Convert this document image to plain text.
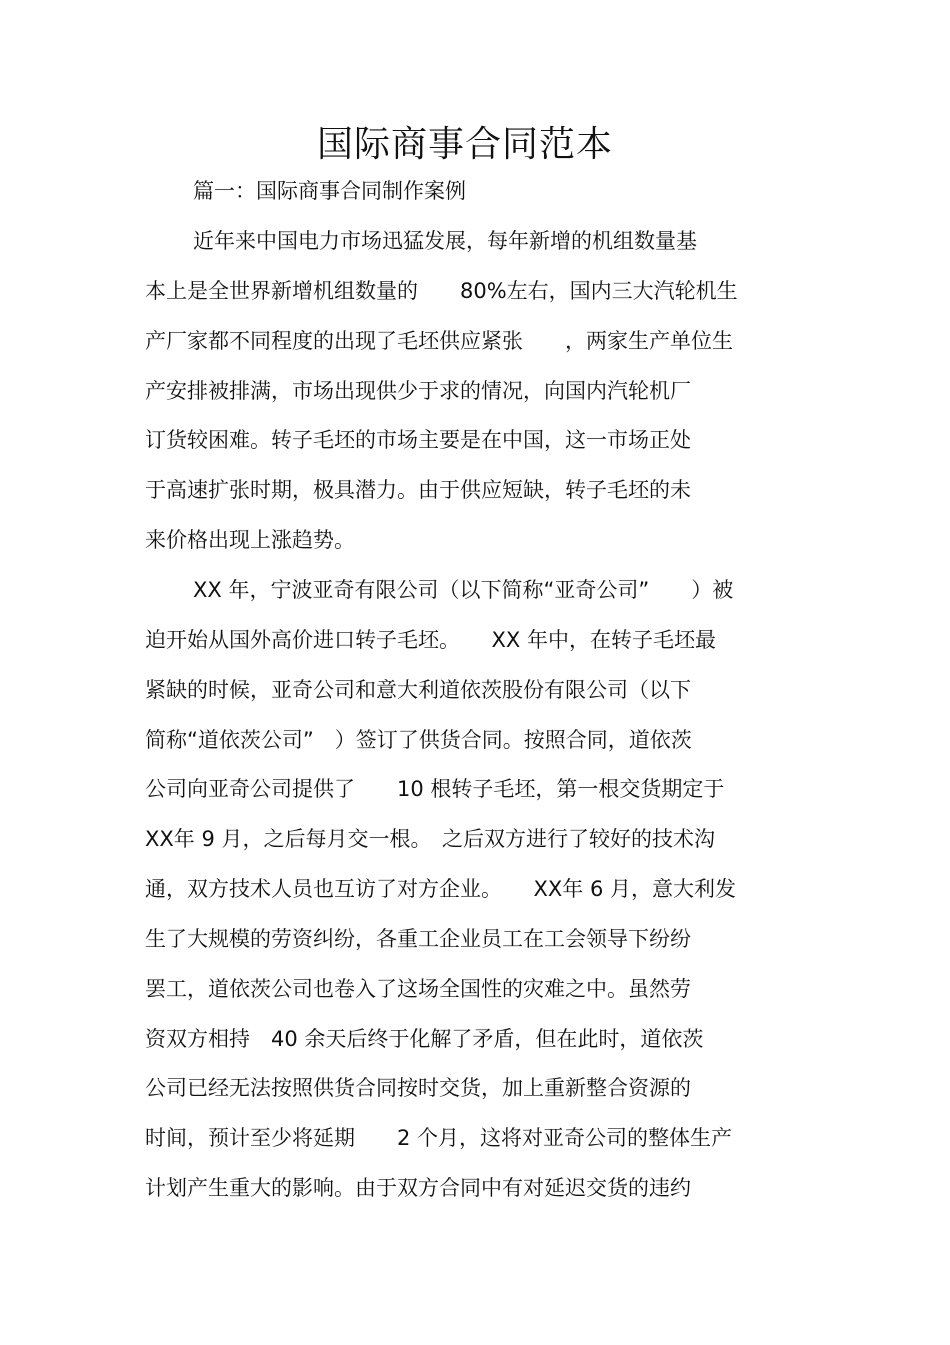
国际商事合同范本
篇一：国际商事合同制作案例
近年来中国电力市场迅猛发展，每年新增的机组数量基
本上是全世界新增机组数量的　　80%左右，国内三大汽轮机生
产厂家都不同程度的出现了毛坯供应紧张　　，两家生产单位生
产安排被排满，市场出现供少于求的情况，向国内汽轮机厂
订货较困难。转子毛坯的市场主要是在中国，这一市场正处
于高速扩张时期，极具潜力。由于供应短缺，转子毛坯的未
来价格出现上涨趋势。
XX 年，宁波亚奇有限公司（以下简称“亚奇公司”　　）被
迫开始从国外高价进口转子毛坯。　　XX 年中，在转子毛坯最
紧缺的时候，亚奇公司和意大利道依茨股份有限公司（以下
简称“道依茨公司”　）签订了供货合同。按照合同，道依茨
公司向亚奇公司提供了　　10 根转子毛坯，第一根交货期定于
XX年 9 月，之后每月交一根。　之后双方进行了较好的技术沟
通，双方技术人员也互访了对方企业。　　XX年 6 月，意大利发
生了大规模的劳资纠纷，各重工企业员工在工会领导下纷纷
罢工，道依茨公司也卷入了这场全国性的灾难之中。虽然劳
资双方相持　40 余天后终于化解了矛盾，但在此时，道依茨
公司已经无法按照供货合同按时交货，加上重新整合资源的
时间，预计至少将延期　　2 个月，这将对亚奇公司的整体生产
计划产生重大的影响。由于双方合同中有对延迟交货的违约
